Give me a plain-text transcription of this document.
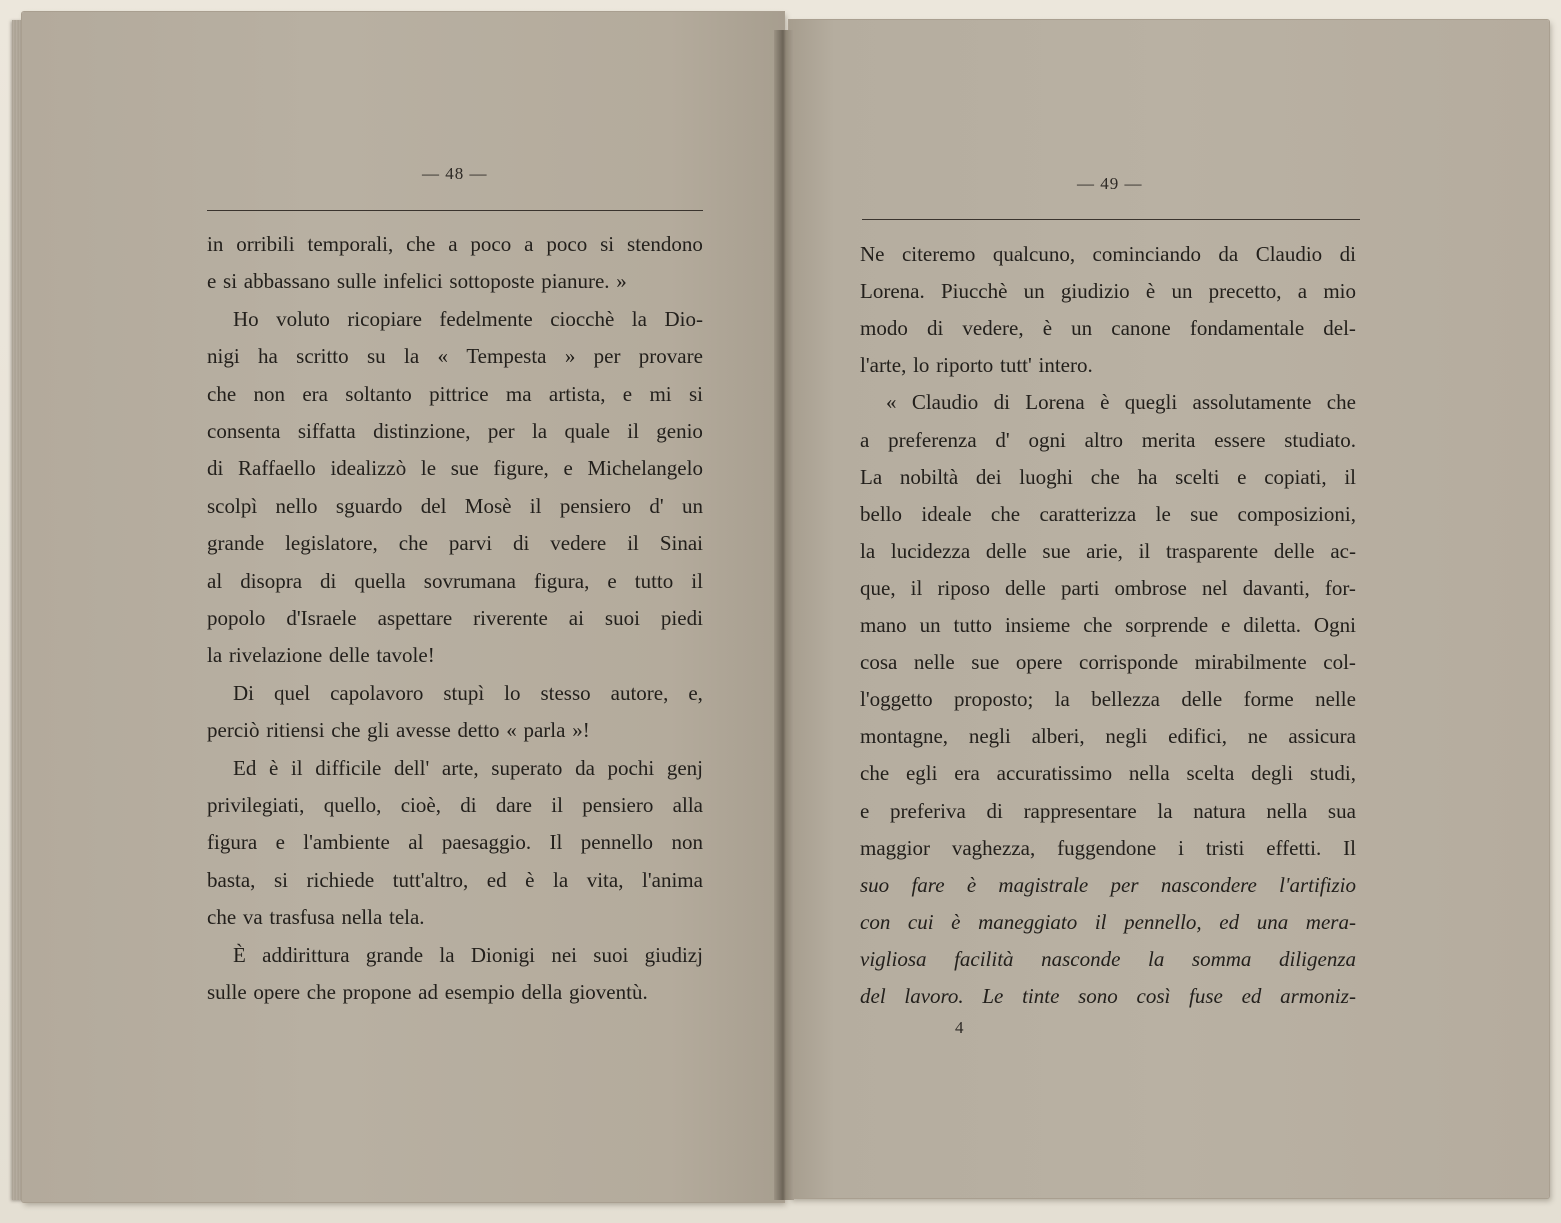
— 48 —
in orribili temporali, che a poco a poco si stendono
e si abbassano sulle infelici sottoposte pianure. »
Ho voluto ricopiare fedelmente ciocchè la Dio-
nigi ha scritto su la « Tempesta » per provare
che non era soltanto pittrice ma artista, e mi si
consenta siffatta distinzione, per la quale il genio
di Raffaello idealizzò le sue figure, e Michelangelo
scolpì nello sguardo del Mosè il pensiero d' un
grande legislatore, che parvi di vedere il Sinai
al disopra di quella sovrumana figura, e tutto il
popolo d'Israele aspettare riverente ai suoi piedi
la rivelazione delle tavole!
Di quel capolavoro stupì lo stesso autore, e,
perciò ritiensi che gli avesse detto « parla »!
Ed è il difficile dell' arte, superato da pochi genj
privilegiati, quello, cioè, di dare il pensiero alla
figura e l'ambiente al paesaggio. Il pennello non
basta, si richiede tutt'altro, ed è la vita, l'anima
che va trasfusa nella tela.
È addirittura grande la Dionigi nei suoi giudizj
sulle opere che propone ad esempio della gioventù.
— 49 —
Ne citeremo qualcuno, cominciando da Claudio di
Lorena. Piucchè un giudizio è un precetto, a mio
modo di vedere, è un canone fondamentale del-
l'arte, lo riporto tutt' intero.
« Claudio di Lorena è quegli assolutamente che
a preferenza d' ogni altro merita essere studiato.
La nobiltà dei luoghi che ha scelti e copiati, il
bello ideale che caratterizza le sue composizioni,
la lucidezza delle sue arie, il trasparente delle ac-
que, il riposo delle parti ombrose nel davanti, for-
mano un tutto insieme che sorprende e diletta. Ogni
cosa nelle sue opere corrisponde mirabilmente col-
l'oggetto proposto; la bellezza delle forme nelle
montagne, negli alberi, negli edifici, ne assicura
che egli era accuratissimo nella scelta degli studi,
e preferiva di rappresentare la natura nella sua
maggior vaghezza, fuggendone i tristi effetti. Il
suo fare è magistrale per nascondere l'artifizio
con cui è maneggiato il pennello, ed una mera-
vigliosa facilità nasconde la somma diligenza
del lavoro. Le tinte sono così fuse ed armoniz-
4
